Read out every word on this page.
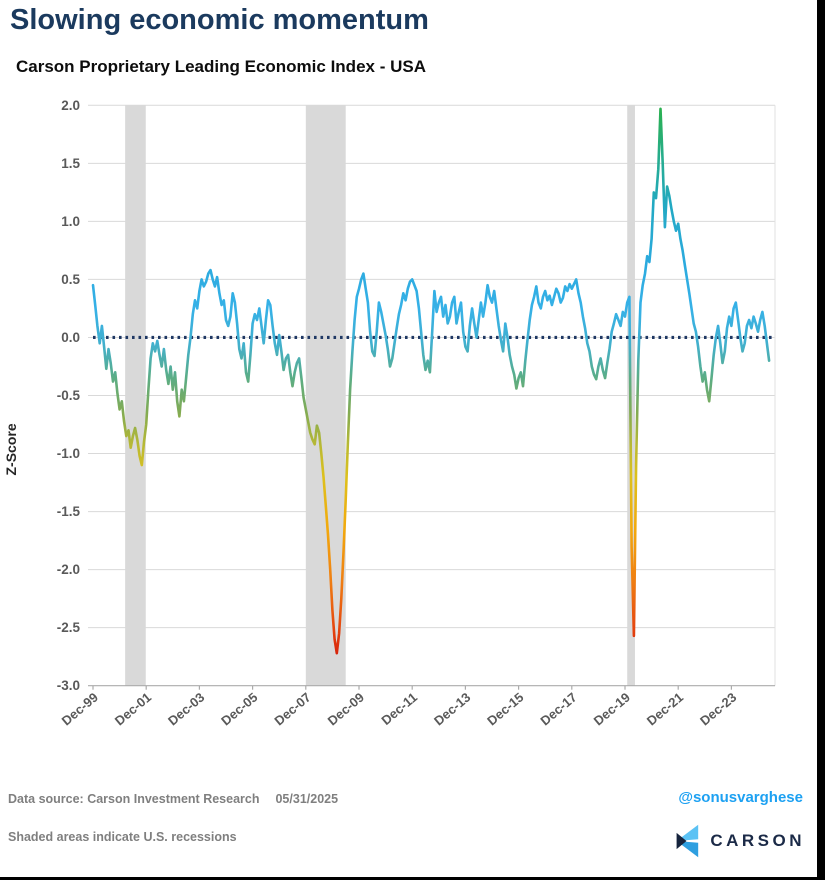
Slowing economic momentum
Carson Proprietary Leading Economic Index - USA
Dec-99 Dec-01 Dec-03 Dec-05 Dec-07 Dec-09 Dec-11 Dec-13 Dec-15 Dec-17 Dec-19 Dec-21 Dec-23
2.0
1.5
1.0
0.5
0.0
-0.5
-1.0
-1.5
-2.0
-2.5
-3.0
Z-Score
Data source: Carson Investment Research 05/31/2025	@sonusvarghese
Shaded areas indicate U.S. recessions	CARSON
